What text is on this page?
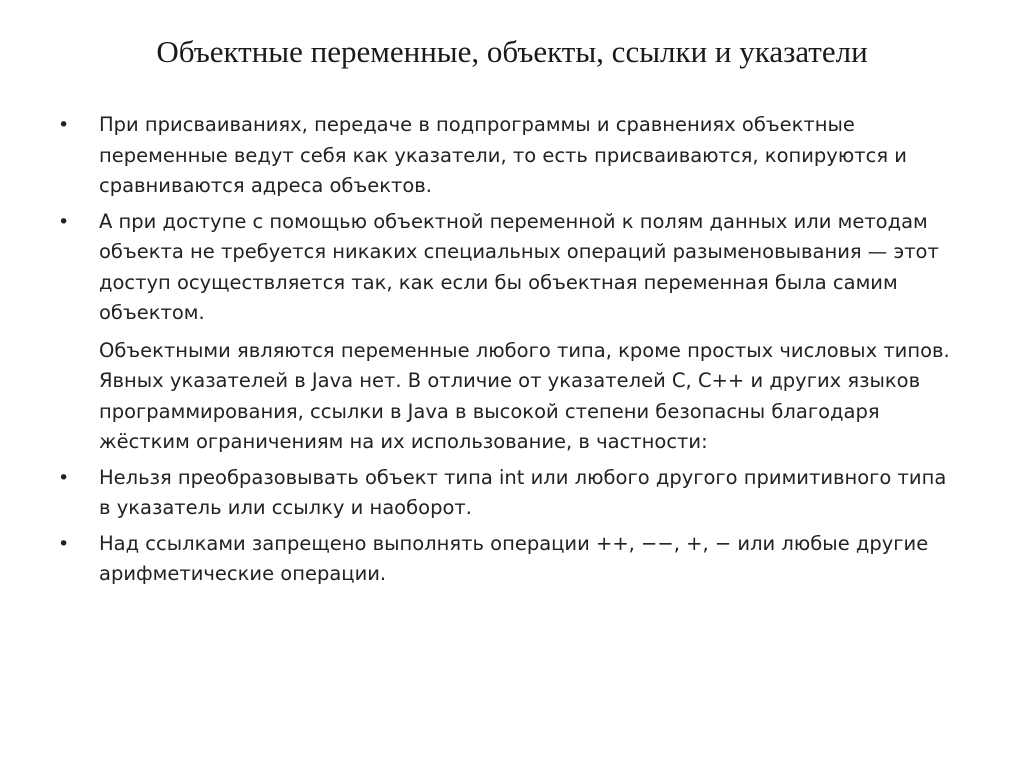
Объектные переменные, объекты, ссылки и указатели
• При присваиваниях, передаче в подпрограммы и сравнениях объектные переменные ведут себя как указатели, то есть присваиваются, копируются и сравниваются адреса объектов.
• А при доступе с помощью объектной переменной к полям данных или методам объекта не требуется никаких специальных операций разыменовывания — этот доступ осуществляется так, как если бы объектная переменная была самим объектом.
Объектными являются переменные любого типа, кроме простых числовых типов. Явных указателей в Java нет. В отличие от указателей C, C++ и других языков программирования, ссылки в Java в высокой степени безопасны благодаря жёстким ограничениям на их использование, в частности:
• Нельзя преобразовывать объект типа int или любого другого примитивного типа в указатель или ссылку и наоборот.
• Над ссылками запрещено выполнять операции ++, −−, +, − или любые другие арифметические операции.
